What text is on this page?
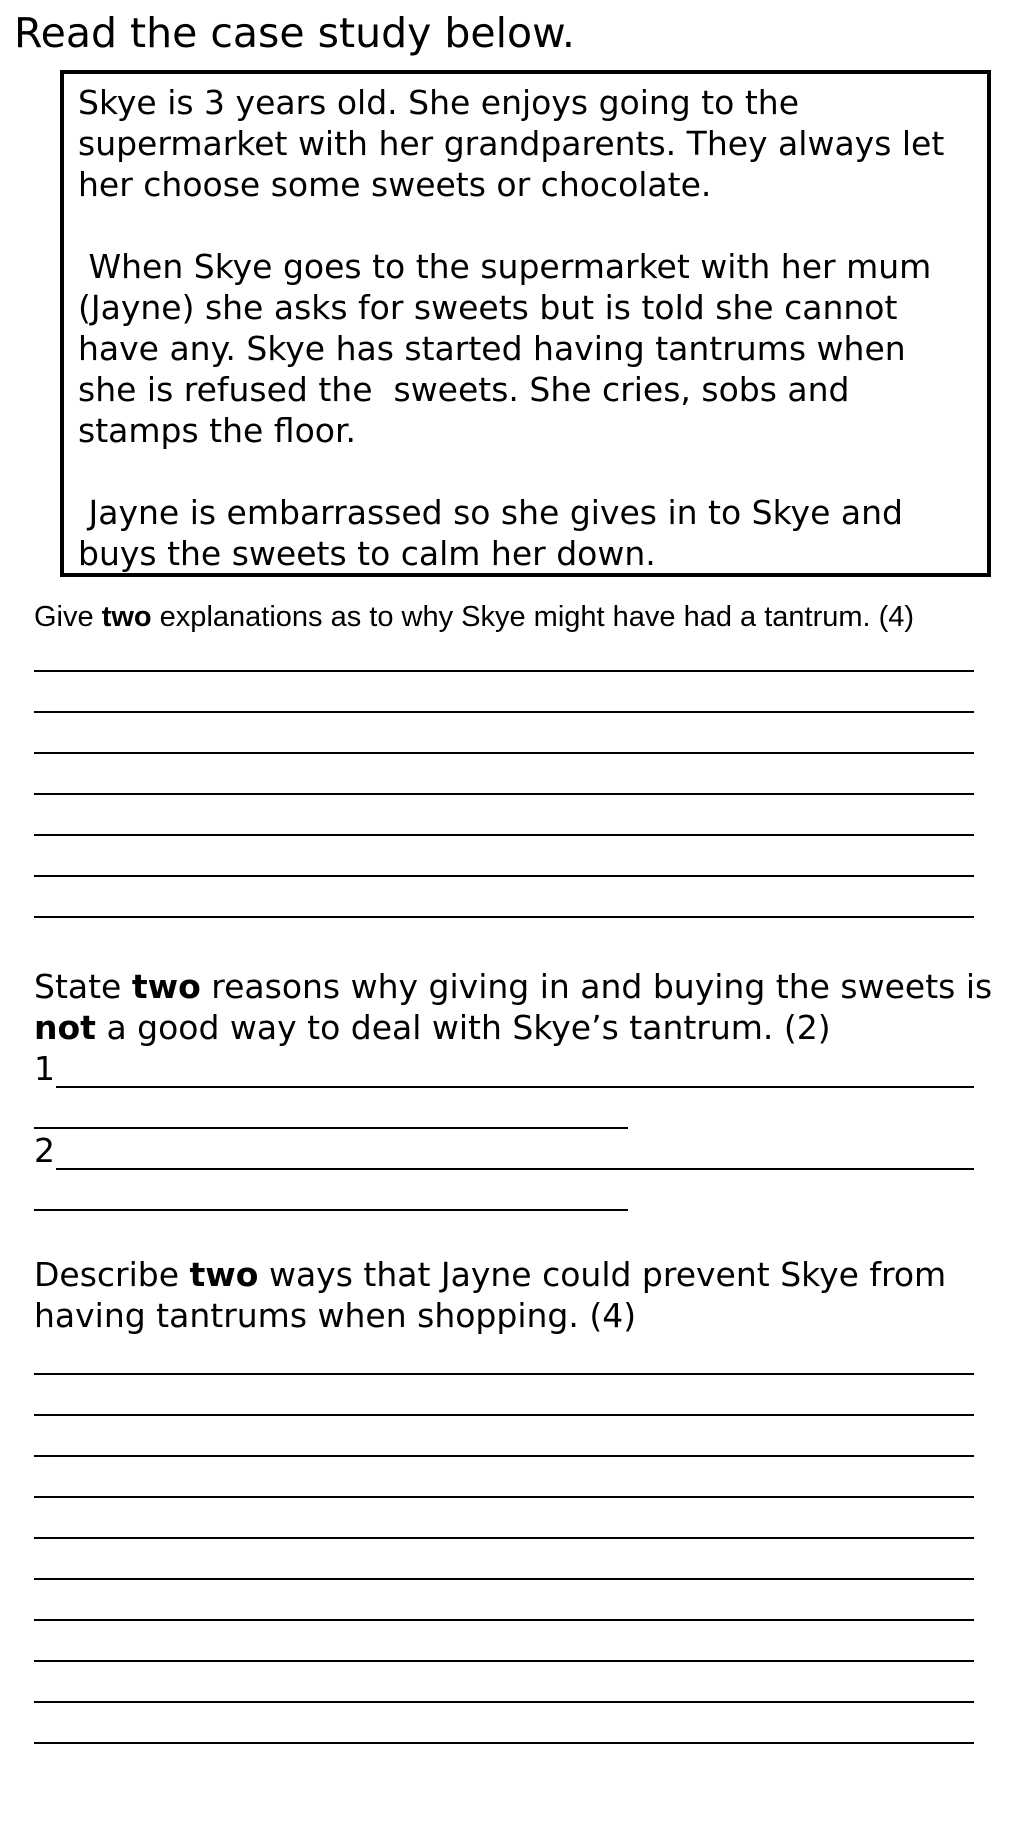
Read the case study below.

Skye is 3 years old. She enjoys going to the supermarket with her grandparents. They always let her choose some sweets or chocolate.

When Skye goes to the supermarket with her mum (Jayne) she asks for sweets but is told she cannot have any. Skye has started having tantrums when she is refused the  sweets. She cries, sobs and stamps the floor.

Jayne is embarrassed so she gives in to Skye and buys the sweets to calm her down.

Give two explanations as to why Skye might have had a tantrum. (4)
State two reasons why giving in and buying the sweets is
not a good way to deal with Skye’s tantrum. (2)
1
2
Describe two ways that Jayne could prevent Skye from
having tantrums when shopping. (4)
